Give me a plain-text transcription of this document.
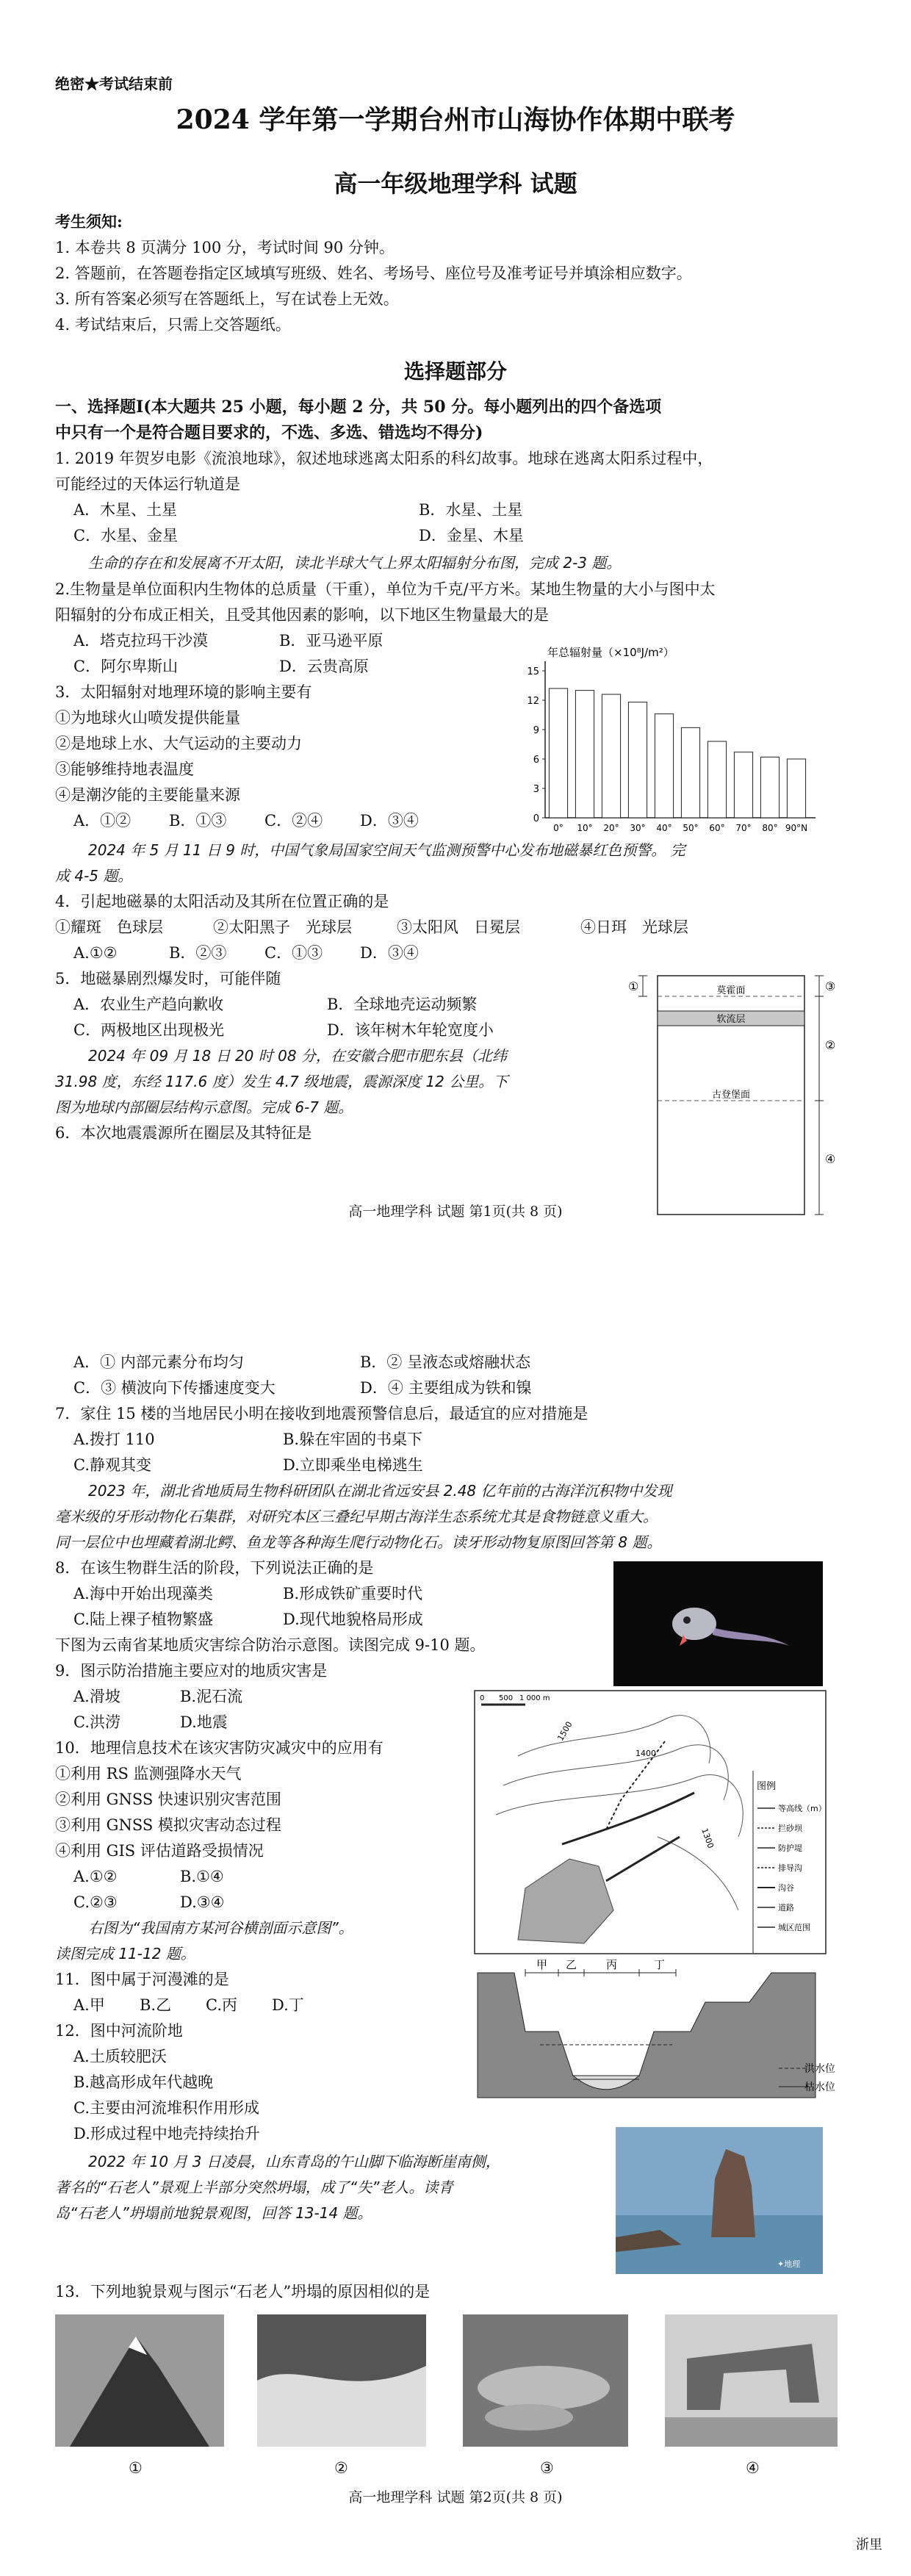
绝密★考试结束前
2024 学年第一学期台州市山海协作体期中联考
高一年级地理学科 试题
考生须知:
1. 本卷共 8 页满分 100 分，考试时间 90 分钟。
2. 答题前，在答题卷指定区域填写班级、姓名、考场号、座位号及准考证号并填涂相应数字。
3. 所有答案必须写在答题纸上，写在试卷上无效。
4. 考试结束后，只需上交答题纸。
选择题部分
一、选择题Ⅰ(本大题共 25 小题，每小题 2 分，共 50 分。每小题列出的四个备选项
中只有一个是符合题目要求的，不选、多选、错选均不得分)
1. 2019 年贺岁电影《流浪地球》，叙述地球逃离太阳系的科幻故事。地球在逃离太阳系过程中，
可能经过的天体运行轨道是
A．木星、土星	B．水星、土星
C．水星、金星	D．金星、木星
生命的存在和发展离不开太阳，读北半球大气上界太阳辐射分布图，完成 2-3 题。
2.生物量是单位面积内生物体的总质量（干重），单位为千克/平方米。某地生物量的大小与图中太
阳辐射的分布成正相关，且受其他因素的影响，以下地区生物量最大的是
A．塔克拉玛干沙漠	B．亚马逊平原
C．阿尔卑斯山	D．云贵高原
3．太阳辐射对地理环境的影响主要有
①为地球火山喷发提供能量
②是地球上水、大气运动的主要动力
③能够维持地表温度
④是潮汐能的主要能量来源
A．①② B．①③ C．②④ D．③④
年总辐射量（×10⁸J/m²）
0
3
6
9
12
15
0° 10° 20° 30° 40° 50° 60° 70° 80° 90°N
2024 年 5 月 11 日 9 时，中国气象局国家空间天气监测预警中心发布地磁暴红色预警。 完
成 4-5 题。
4．引起地磁暴的太阳活动及其所在位置正确的是
①耀斑　色球层	②太阳黑子　光球层	③太阳风　日冕层	④日珥　光球层
A.①②	B．②③ C．①③ D．③④
5．地磁暴剧烈爆发时，可能伴随
A．农业生产趋向歉收	B．全球地壳运动频繁
C．两极地区出现极光	D．该年树木年轮宽度小
2024 年 09 月 18 日 20 时 08 分，在安徽合肥市肥东县（北纬
31.98 度，东经 117.6 度）发生 4.7 级地震，震源深度 12 公里。下
图为地球内部圈层结构示意图。完成 6-7 题。
6．本次地震震源所在圈层及其特征是
莫霍面
软流层
古登堡面
①	③
②
④
高一地理学科 试题 第1页(共 8 页)
A．① 内部元素分布均匀	B．② 呈液态或熔融状态
C．③ 横波向下传播速度变大	D．④ 主要组成为铁和镍
7．家住 15 楼的当地居民小明在接收到地震预警信息后，最适宜的应对措施是
A.拨打 110	B.躲在牢固的书桌下
C.静观其变	D.立即乘坐电梯逃生
2023 年，湖北省地质局生物科研团队在湖北省远安县 2.48 亿年前的古海洋沉积物中发现
毫米级的牙形动物化石集群，对研究本区三叠纪早期古海洋生态系统尤其是食物链意义重大。
同一层位中也埋藏着湖北鳄、鱼龙等各种海生爬行动物化石。读牙形动物复原图回答第 8 题。
8．在该生物群生活的阶段，下列说法正确的是
A.海中开始出现藻类	B.形成铁矿重要时代
C.陆上裸子植物繁盛	D.现代地貌格局形成
下图为云南省某地质灾害综合防治示意图。读图完成 9-10 题。
9．图示防治措施主要应对的地质灾害是
A.滑坡	B.泥石流
C.洪涝	D.地震
10．地理信息技术在该灾害防灾减灾中的应用有
①利用 RS 监测强降水天气
②利用 GNSS 快速识别灾害范围
③利用 GNSS 模拟灾害动态过程
④利用 GIS 评估道路受损情况
A.①②	B.①④
C.②③	D.③④
0 500 1 000 m
1500
1400
1300
图例
等高线（m）
拦砂坝
防护堤
排导沟
沟谷
道路
城区范围
右图为“我国南方某河谷横剖面示意图”。
读图完成 11-12 题。
11．图中属于河漫滩的是
A.甲 B.乙 C.丙 D.丁
12．图中河流阶地
A.土质较肥沃
B.越高形成年代越晚
C.主要由河流堆积作用形成
D.形成过程中地壳持续抬升
甲 乙	丙	丁
洪水位
枯水位
✦地理
2022 年 10 月 3 日凌晨，山东青岛的午山脚下临海断崖南侧，
著名的“石老人”景观上半部分突然坍塌，成了“失”老人。读青
岛“石老人”坍塌前地貌景观图，回答 13-14 题。
13．下列地貌景观与图示“石老人”坍塌的原因相似的是
①	②	③	④
高一地理学科 试题 第2页(共 8 页)
浙里
